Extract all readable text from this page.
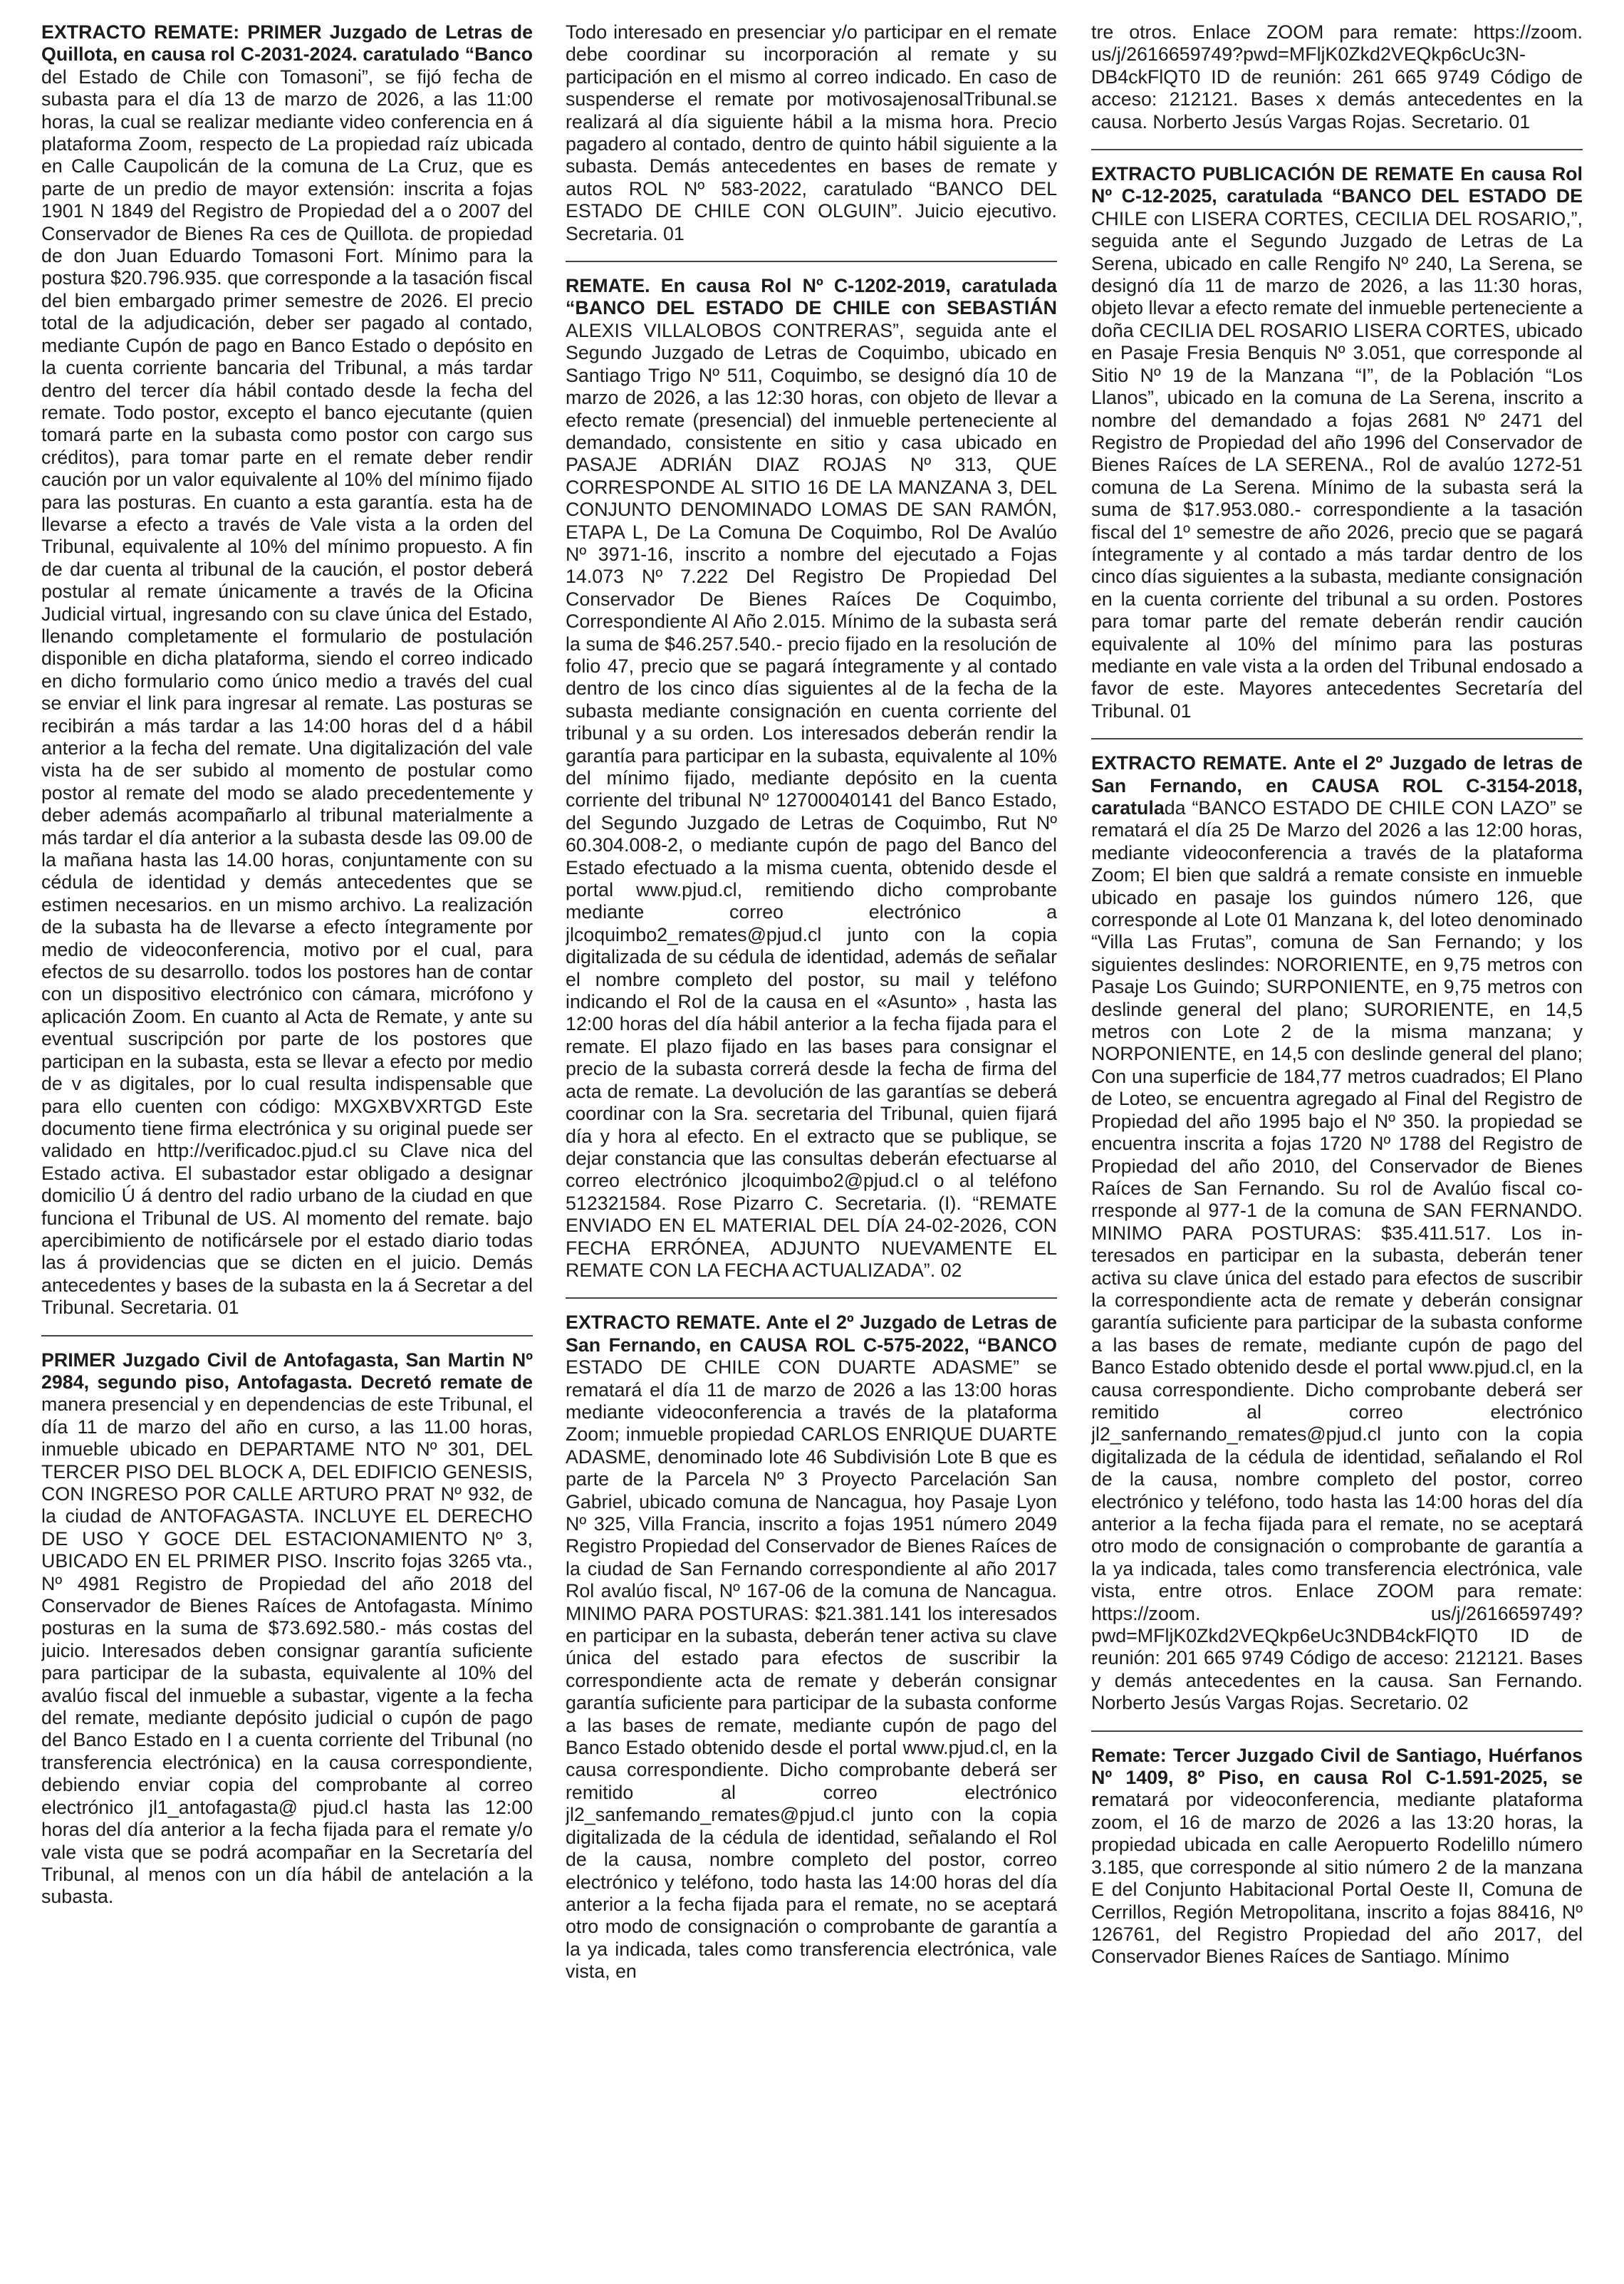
EXTRACTO REMATE: PRIMER Juzgado de Letras de Quillota, en causa rol C-2031-2024. caratulado “Banco del Estado de Chile con Tomasoni”, se fijó fecha de subasta para el día 13 de marzo de 2026, a las 11:00 horas, la cual se realizar mediante video conferencia en á plataforma Zoom, respecto de La propiedad raíz ubicada en Calle Caupolicán de la comuna de La Cruz, que es parte de un predio de mayor extensión: inscrita a fojas 1901 N 1849 del Registro de Propiedad del a o 2007 del Conservador de Bienes Ra ces de Quillota. de propiedad de don Juan Eduardo Tomasoni Fort. Mínimo para la postura $20.796.935. que corresponde a la tasación fiscal del bien embargado primer semestre de 2026. El precio total de la adjudicación, deber ser pagado al contado, mediante Cupón de pago en Banco Estado o depósito en la cuenta corriente bancaria del Tribunal, a más tardar dentro del tercer día hábil contado desde la fecha del remate. Todo postor, excepto el banco ejecutante (quien tomará parte en la subasta como postor con cargo sus créditos), para tomar parte en el remate deber rendir caución por un valor equivalente al 10% del mínimo fijado para las posturas. En cuanto a esta garantía. esta ha de llevarse a efecto a través de Vale vista a la orden del Tribunal, equivalente al 10% del mínimo propuesto. A fin de dar cuenta al tribunal de la caución, el postor deberá postular al remate únicamente a través de la Oficina Judicial virtual, ingresando con su clave única del Estado, llenando completamente el formulario de postulación disponible en dicha plataforma, siendo el correo indicado en dicho formulario como único medio a través del cual se enviar el link para ingresar al remate. Las posturas se recibirán a más tardar a las 14:00 horas del d a hábil anterior a la fecha del remate. Una digitalización del vale vista ha de ser subido al momento de postular como postor al remate del modo se alado precedentemente y deber además acompañarlo al tribunal materialmente a más tardar el día anterior a la subasta desde las 09.00 de la mañana hasta las 14.00 horas, conjuntamente con su cédula de identidad y demás antecedentes que se estimen necesarios. en un mismo archivo. La realización de la subasta ha de llevarse a efecto íntegramente por medio de videoconferencia, motivo por el cual, para efectos de su desarrollo. todos los postores han de contar con un dispositivo electrónico con cámara, micrófono y aplicación Zoom. En cuanto al Acta de Remate, y ante su eventual suscripción por parte de los postores que participan en la subasta, esta se llevar a efecto por medio de v as digitales, por lo cual resulta indispensable que para ello cuenten con código: MXGXBVXRTGD Este documento tiene firma electrónica y su original puede ser validado en http://verificadoc.pjud.cl su Clave nica del Estado activa. El subastador estar obligado a designar domicilio Ú á dentro del radio urbano de la ciudad en que funciona el Tribunal de US. Al momento del remate. bajo apercibimiento de notificársele por el estado diario todas las á providencias que se dicten en el juicio. Demás antecedentes y bases de la subasta en la á Secretar a del Tribunal. Secretaria. 01

PRIMER Juzgado Civil de Antofagasta, San Martin Nº 2984, segundo piso, Antofagasta. Decretó remate de manera presencial y en dependencias de este Tribunal, el día 11 de marzo del año en curso, a las 11.00 horas, inmueble ubicado en DEPARTAME NTO Nº 301, DEL TERCER PISO DEL BLOCK A, DEL EDIFICIO GENESIS, CON INGRESO POR CALLE ARTURO PRAT Nº 932, de la ciudad de ANTOFAGASTA. INCLUYE EL DERECHO DE USO Y GOCE DEL ESTACIONAMIENTO Nº 3, UBICADO EN EL PRIMER PISO. Inscrito fojas 3265 vta., Nº 4981 Registro de Propiedad del año 2018 del Conservador de Bienes Raíces de Antofagasta. Mínimo posturas en la suma de $73.692.580.- más costas del juicio. Interesados deben consignar garantía suficiente para participar de la subasta, equivalente al 10% del avalúo fiscal del inmueble a subastar, vigente a la fecha del remate, mediante depósito judicial o cupón de pago del Banco Estado en I a cuenta corriente del Tribunal (no transferencia electrónica) en la causa correspondiente, debiendo enviar copia del comprobante al correo electrónico jl1_antofagasta@ pjud.cl hasta las 12:00 horas del día anterior a la fecha fijada para el remate y/o vale vista que se podrá acompañar en la Secretaría del Tribunal, al menos con un día hábil de antelación a la subasta.

Todo interesado en presenciar y/o participar en el remate debe coordinar su incorporación al remate y su participación en el mismo al correo indicado. En caso de suspenderse el remate por motivosajenosalTribunal.se realizará al día siguiente hábil a la misma hora. Precio pagadero al contado, dentro de quinto hábil siguiente a la subasta. Demás antecedentes en bases de remate y autos ROL Nº 583-2022, caratulado “BANCO DEL ESTADO DE CHILE CON OLGUIN”. Juicio ejecutivo. Secretaria. 01

REMATE. En causa Rol Nº C-1202-2019, caratulada “BANCO DEL ESTADO DE CHILE con SEBASTIÁN ALEXIS VILLALOBOS CONTRERAS”, seguida ante el Segundo Juzgado de Letras de Coquimbo, ubicado en Santiago Trigo Nº 511, Coquimbo, se designó día 10 de marzo de 2026, a las 12:30 horas, con objeto de llevar a efecto remate (presencial) del inmueble perteneciente al demandado, consistente en sitio y casa ubicado en PASAJE ADRIÁN DIAZ ROJAS Nº 313, QUE CORRESPONDE AL SITIO 16 DE LA MANZANA 3, DEL CONJUNTO DENOMINADO LOMAS DE SAN RAMÓN, ETAPA L, De La Comuna De Coquimbo, Rol De Avalúo Nº 3971-16, inscrito a nombre del ejecutado a Fojas 14.073 Nº 7.222 Del Registro De Propiedad Del Conservador De Bienes Raíces De Coquimbo, Correspondiente Al Año 2.015. Mínimo de la subasta será la suma de $46.257.540.- precio fijado en la resolución de folio 47, precio que se pagará íntegramente y al contado dentro de los cinco días siguientes al de la fecha de la subasta mediante consignación en cuenta corriente del tribunal y a su orden. Los interesados deberán rendir la garantía para participar en la subasta, equivalente al 10% del mínimo fijado, mediante depósito en la cuenta corriente del tribunal Nº 12700040141 del Banco Estado, del Segundo Juzgado de Letras de Coquimbo, Rut Nº 60.304.008-2, o mediante cupón de pago del Banco del Estado efectuado a la misma cuenta, obtenido desde el portal www.pjud.cl, remitiendo dicho comprobante mediante correo electrónico a jlcoquimbo2_remates@pjud.cl junto con la copia digitalizada de su cédula de identidad, además de señalar el nombre completo del postor, su mail y teléfono indicando el Rol de la causa en el «Asunto» , hasta las 12:00 horas del día hábil anterior a la fecha fijada para el remate. El plazo fijado en las bases para consignar el precio de la subasta correrá desde la fecha de firma del acta de remate. La devolución de las garantías se deberá coordinar con la Sra. secretaria del Tribunal, quien fijará día y hora al efecto. En el extracto que se publique, se dejar constancia que las consultas deberán efectuarse al correo electrónico jlcoquimbo2@pjud.cl o al teléfono 512321584. Rose Pizarro C. Secretaria. (I). “REMATE ENVIADO EN EL MATERIAL DEL DÍA 24-02-2026, CON FECHA ERRÓNEA, ADJUNTO NUEVAMENTE EL REMATE CON LA FECHA ACTUALIZADA”. 02

EXTRACTO REMATE. Ante el 2º Juzgado de Letras de San Fernando, en CAUSA ROL C-575-2022, “BANCO ESTADO DE CHILE CON DUARTE ADASME” se rematará el día 11 de marzo de 2026 a las 13:00 horas mediante videoconferencia a través de la plataforma Zoom; inmueble propiedad CARLOS ENRIQUE DUARTE ADASME, denominado lote 46 Subdivisión Lote B que es parte de la Parcela Nº 3 Proyecto Parcelación San Gabriel, ubicado comuna de Nancagua, hoy Pasaje Lyon Nº 325, Villa Francia, inscrito a fojas 1951 número 2049 Registro Propiedad del Conservador de Bienes Raíces de la ciudad de San Fernando correspondiente al año 2017 Rol avalúo fiscal, Nº 167-06 de la comuna de Nancagua. MINIMO PARA POSTURAS: $21.381.141 los interesados en participar en la subasta, deberán tener activa su clave única del estado para efectos de suscribir la correspondiente acta de remate y deberán consignar garantía suficiente para participar de la subasta conforme a las bases de remate, mediante cupón de pago del Banco Estado obtenido desde el portal www.pjud.cl, en la causa correspondiente. Dicho comprobante deberá ser remitido al correo electrónico jl2_sanfemando_remates@pjud.cl junto con la copia digitalizada de la cédula de identidad, señalando el Rol de la causa, nombre completo del postor, correo electrónico y teléfono, todo hasta las 14:00 horas del día anterior a la fecha fijada para el remate, no se aceptará otro modo de consignación o comprobante de garantía a la ya indicada, tales como transferencia electrónica, vale vista, en

tre otros. Enlace ZOOM para remate: https://zoom. us/j/2616659749?pwd=MFljK0Zkd2VEQkp6cUc3NDB4ckFlQT0 ID de reunión: 261 665 9749 Código de acceso: 212121. Bases x demás antecedentes en la causa. Norberto Jesús Vargas Rojas. Secretario. 01

EXTRACTO PUBLICACIÓN DE REMATE En causa Rol Nº C-12-2025, caratulada “BANCO DEL ESTADO DE CHILE con LISERA CORTES, CECILIA DEL ROSARIO,”, seguida ante el Segundo Juzgado de Letras de La Serena, ubicado en calle Rengifo Nº 240, La Serena, se designó día 11 de marzo de 2026, a las 11:30 horas, objeto llevar a efecto remate del inmueble perteneciente a doña CECILIA DEL ROSARIO LISERA CORTES, ubicado en Pasaje Fresia Benquis Nº 3.051, que corresponde al Sitio Nº 19 de la Manzana “I”, de la Población “Los Llanos”, ubicado en la comuna de La Serena, inscrito a nombre del demandado a fojas 2681 Nº 2471 del Registro de Propiedad del año 1996 del Conservador de Bienes Raíces de LA SERENA., Rol de avalúo 1272-51 comuna de La Serena. Mínimo de la subasta será la suma de $17.953.080.- correspondiente a la tasación fiscal del 1º semestre de año 2026, precio que se pagará íntegramente y al contado a más tardar dentro de los cinco días siguientes a la subasta, mediante consignación en la cuenta corriente del tribunal a su orden. Postores para tomar parte del remate deberán rendir caución equivalente al 10% del mínimo para las posturas mediante en vale vista a la orden del Tribunal endosado a favor de este. Mayores antecedentes Secretaría del Tribunal. 01

EXTRACTO REMATE. Ante el 2º Juzgado de letras de San Fernando, en CAUSA ROL C-3154-2018, caratulada “BANCO ESTADO DE CHILE CON LAZO” se rematará el día 25 De Marzo del 2026 a las 12:00 horas, mediante videoconferencia a través de la plataforma Zoom; El bien que saldrá a remate consiste en inmueble ubicado en pasaje los guindos número 126, que corresponde al Lote 01 Manzana k, del loteo denominado “Villa Las Frutas”, comuna de San Fernando; y los siguientes deslindes: NORORIENTE, en 9,75 metros con Pasaje Los Guindo; SURPONIENTE, en 9,75 metros con deslinde general del plano; SURORIENTE, en 14,5 metros con Lote 2 de la misma manzana; y NORPONIENTE, en 14,5 con deslinde general del plano; Con una superficie de 184,77 metros cuadrados; El Plano de Loteo, se encuentra agregado al Final del Registro de Propiedad del año 1995 bajo el Nº 350. la propiedad se encuentra inscrita a fojas 1720 Nº 1788 del Registro de Propiedad del año 2010, del Conservador de Bienes Raíces de San Fernando. Su rol de Avalúo fiscal corresponde al 977-1 de la comuna de SAN FERNANDO. MINIMO PARA POSTURAS: $35.411.517. Los interesados en participar en la subasta, deberán tener activa su clave única del estado para efectos de suscribir la correspondiente acta de remate y deberán consignar garantía suficiente para participar de la subasta conforme a las bases de remate, mediante cupón de pago del Banco Estado obtenido desde el portal www.pjud.cl, en la causa correspondiente. Dicho comprobante deberá ser remitido al correo electrónico jl2_sanfernando_remates@pjud.cl junto con la copia digitalizada de la cédula de identidad, señalando el Rol de la causa, nombre completo del postor, correo electrónico y teléfono, todo hasta las 14:00 horas del día anterior a la fecha fijada para el remate, no se aceptará otro modo de consignación o comprobante de garantía a la ya indicada, tales como transferencia electrónica, vale vista, entre otros. Enlace ZOOM para remate: https://zoom. us/j/2616659749?pwd=MFljK0Zkd2VEQkp6eUc3NDB4ckFlQT0 ID de reunión: 201 665 9749 Código de acceso: 212121. Bases y demás antecedentes en la causa. San Fernando. Norberto Jesús Vargas Rojas. Secretario. 02

Remate: Tercer Juzgado Civil de Santiago, Huérfanos Nº 1409, 8º Piso, en causa Rol C-1.591-2025, se rematará por videoconferencia, mediante plataforma zoom, el 16 de marzo de 2026 a las 13:20 horas, la propiedad ubicada en calle Aeropuerto Rodelillo número 3.185, que corresponde al sitio número 2 de la manzana E del Conjunto Habitacional Portal Oeste II, Comuna de Cerrillos, Región Metropolitana, inscrito a fojas 88416, Nº 126761, del Registro Propiedad del año 2017, del Conservador Bienes Raíces de Santiago. Mínimo
